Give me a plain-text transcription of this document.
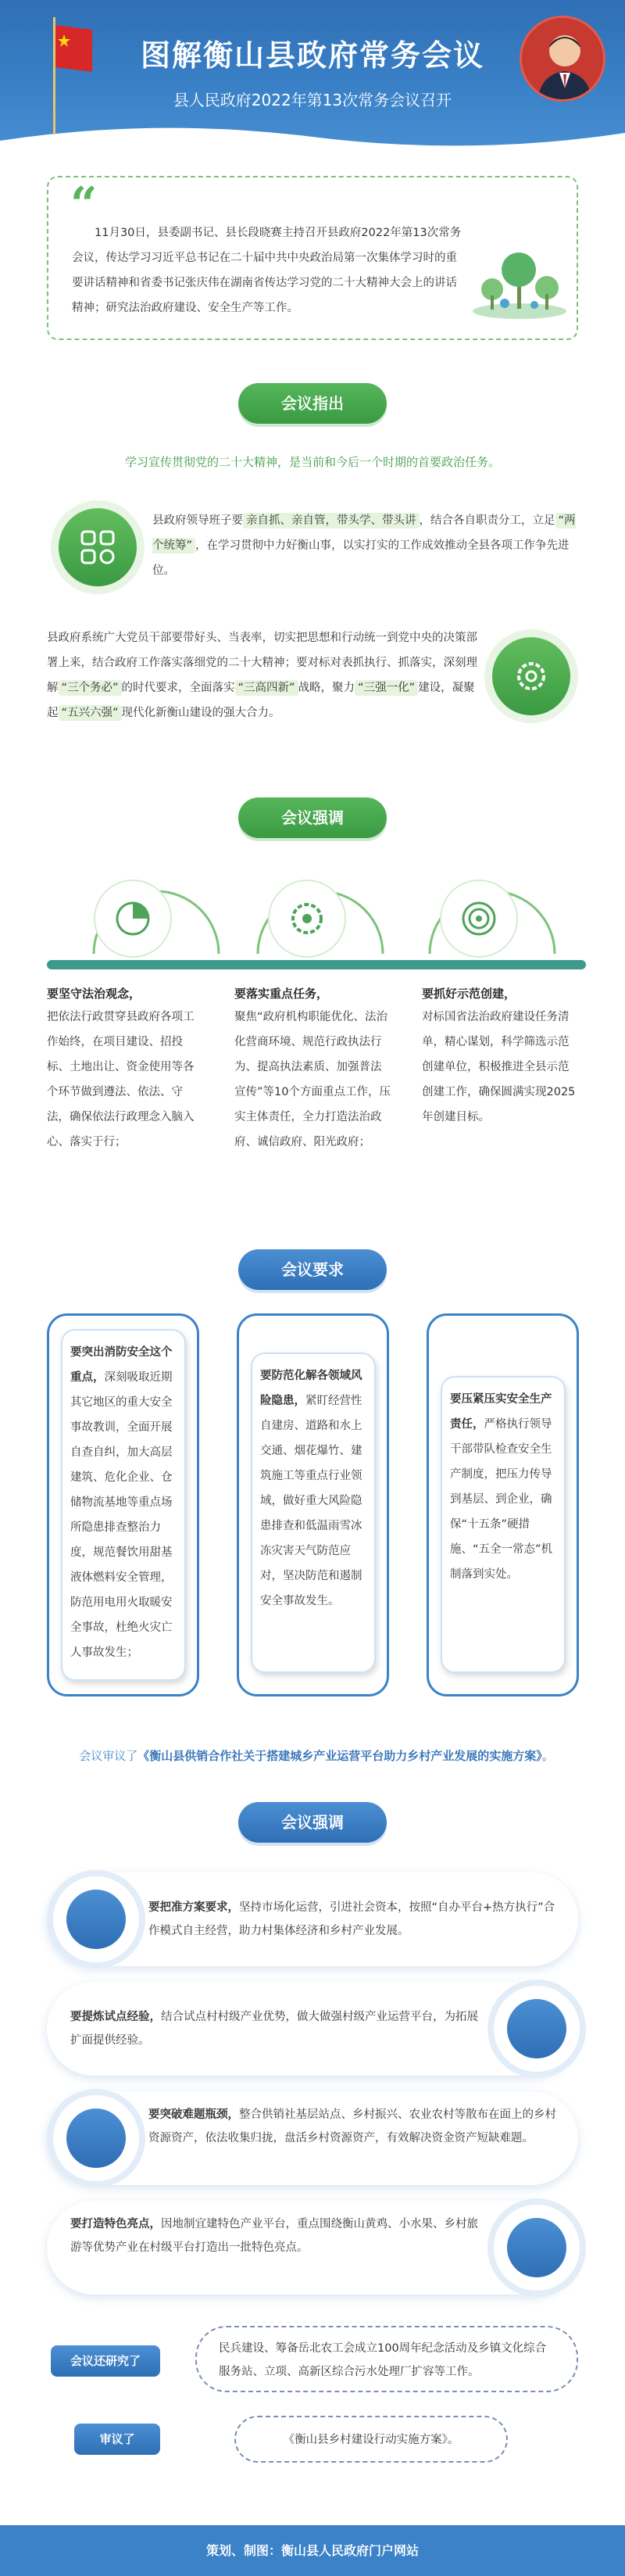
图解衡山县政府常务会议
县人民政府2022年第13次常务会议召开
“
11月30日，县委副书记、县长段晓赛主持召开县政府2022年第13次常务会议，传达学习习近平总书记在二十届中共中央政治局第一次集体学习时的重要讲话精神和省委书记张庆伟在湖南省传达学习党的二十大精神大会上的讲话精神；研究法治政府建设、安全生产等工作。
会议指出
学习宣传贯彻党的二十大精神，是当前和今后一个时期的首要政治任务。
县政府领导班子要 亲自抓、亲自管，带头学、带头讲 ，结合各自职责分工，立足 “两个统筹” ，在学习贯彻中力好衡山事，以实打实的工作成效推动全县各项工作争先进位。
县政府系统广大党员干部要带好头、当表率，切实把思想和行动统一到党中央的决策部署上来，结合政府工作落实落细党的二十大精神；要对标对表抓执行、抓落实，深刻理解 “三个务必” 的时代要求，全面落实 “三高四新” 战略，聚力 “三强一化” 建设，凝聚起 “五兴六强” 现代化新衡山建设的强大合力。
会议强调
要坚守法治观念，
把依法行政贯穿县政府各项工作始终，在项目建设、招投标、土地出让、资金使用等各个环节做到遵法、依法、守法，确保依法行政理念入脑入心、落实于行；
要落实重点任务，
聚焦“政府机构职能优化、法治化营商环境、规范行政执法行为、提高执法素质、加强普法宣传”等10个方面重点工作，压实主体责任，全力打造法治政府、诚信政府、阳光政府；
要抓好示范创建，
对标国省法治政府建设任务清单，精心谋划，科学筛选示范创建单位，积极推进全县示范创建工作，确保圆满实现2025年创建目标。
会议要求
要突出消防安全这个重点，深刻吸取近期其它地区的重大安全事故教训，全面开展自查自纠，加大高层建筑、危化企业、仓储物流基地等重点场所隐患排查整治力度，规范餐饮用甜基液体燃料安全管理，防范用电用火取暖安全事故，杜绝火灾亡人事故发生；
要防范化解各领域风险隐患，紧盯经营性自建房、道路和水上交通、烟花爆竹、建筑施工等重点行业领域，做好重大风险隐患排查和低温雨雪冰冻灾害天气防范应对，坚决防范和遏制安全事故发生。
要压紧压实安全生产责任，严格执行领导干部带队检查安全生产制度，把压力传导到基层、到企业，确保“十五条”硬措施、“五全一常态”机制落到实处。
会议审议了《衡山县供销合作社关于搭建城乡产业运营平台助力乡村产业发展的实施方案》。
会议强调
要把准方案要求，坚持市场化运营，引进社会资本，按照“自办平台+热方执行”合作模式自主经营，助力村集体经济和乡村产业发展。
要提炼试点经验，结合试点村村级产业优势，做大做强村级产业运营平台，为拓展扩面提供经验。
要突破难题瓶颈，整合供销社基层站点、乡村振兴、农业农村等散布在面上的乡村资源资产，依法收集归拢，盘活乡村资源资产，有效解决资金资产短缺难题。
要打造特色亮点，因地制宜建特色产业平台，重点围绕衡山黄鸡、小水果、乡村旅游等优势产业在村级平台打造出一批特色亮点。
会议还研究了
民兵建设、筹备岳北农工会成立100周年纪念活动及乡镇文化综合服务站、立项、高新区综合污水处理厂扩容等工作。
审议了	《衡山县乡村建设行动实施方案》。
策划、制图：衡山县人民政府门户网站
